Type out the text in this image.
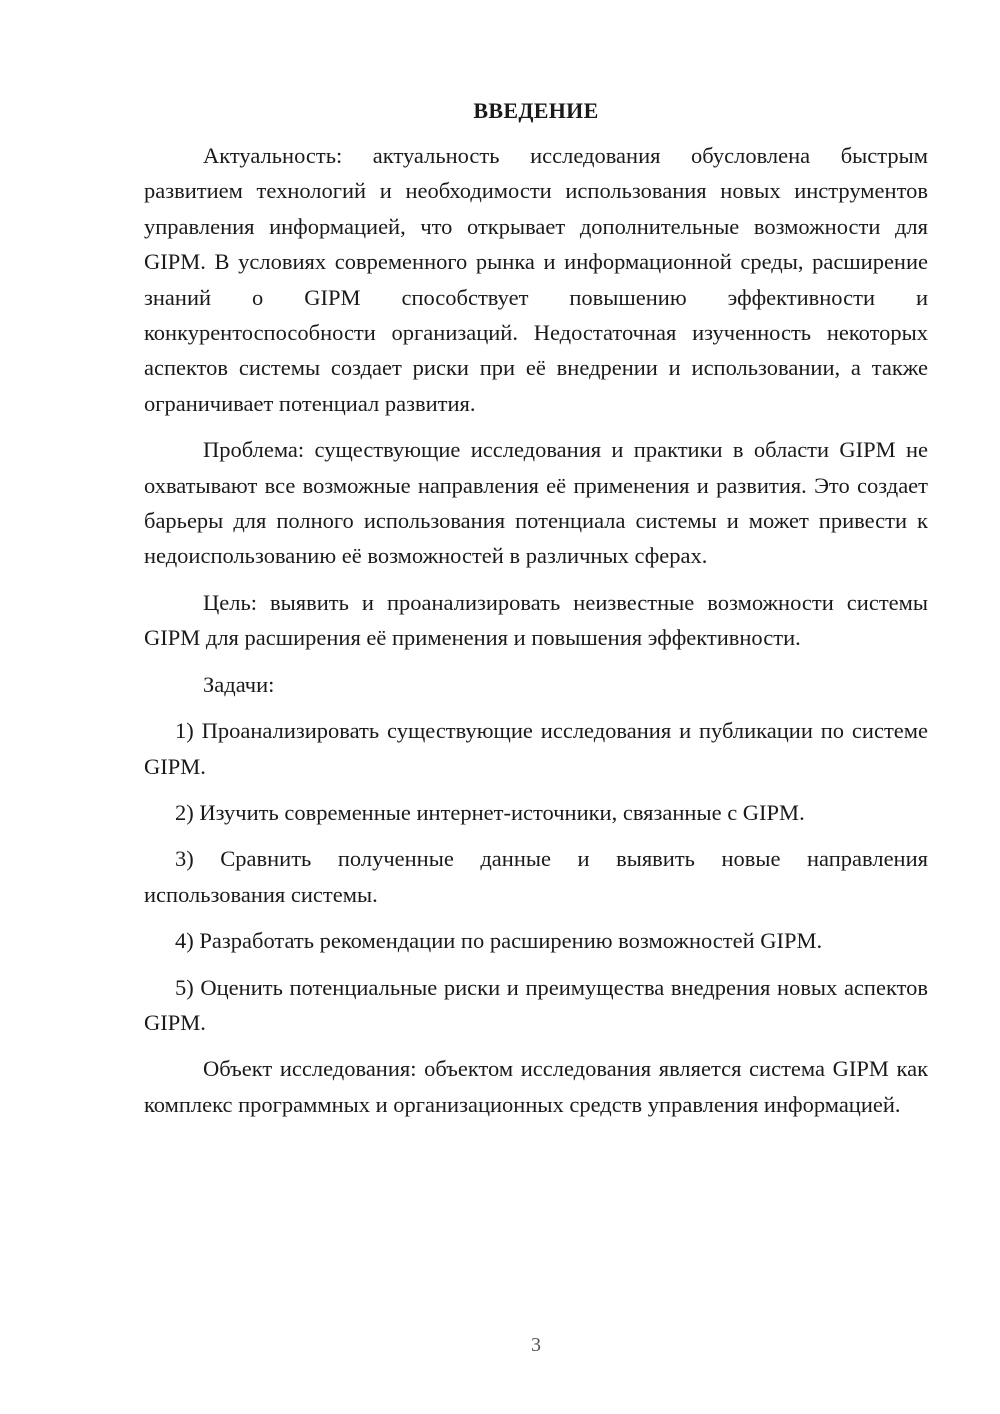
ВВЕДЕНИЕ

Актуальность: актуальность исследования обусловлена быстрым развитием технологий и необходимости использования новых инструментов управления информацией, что открывает дополнительные возможности для GIPM. В условиях современного рынка и информационной среды, расширение знаний о GIPM способствует повышению эффективности и конкурентоспособности организаций. Недостаточная изученность некоторых аспектов системы создает риски при её внедрении и использовании, а также ограничивает потенциал развития.

Проблема: существующие исследования и практики в области GIPM не охватывают все возможные направления её применения и развития. Это создает барьеры для полного использования потенциала системы и может привести к недоиспользованию её возможностей в различных сферах.

Цель: выявить и проанализировать неизвестные возможности системы GIPM для расширения её применения и повышения эффективности.

Задачи:

1) Проанализировать существующие исследования и публикации по системе GIPM.

2) Изучить современные интернет-источники, связанные с GIPM.

3) Сравнить полученные данные и выявить новые направления использования системы.

4) Разработать рекомендации по расширению возможностей GIPM.

5) Оценить потенциальные риски и преимущества внедрения новых аспектов GIPM.

Объект исследования: объектом исследования является система GIPM как комплекс программных и организационных средств управления информацией.

3
